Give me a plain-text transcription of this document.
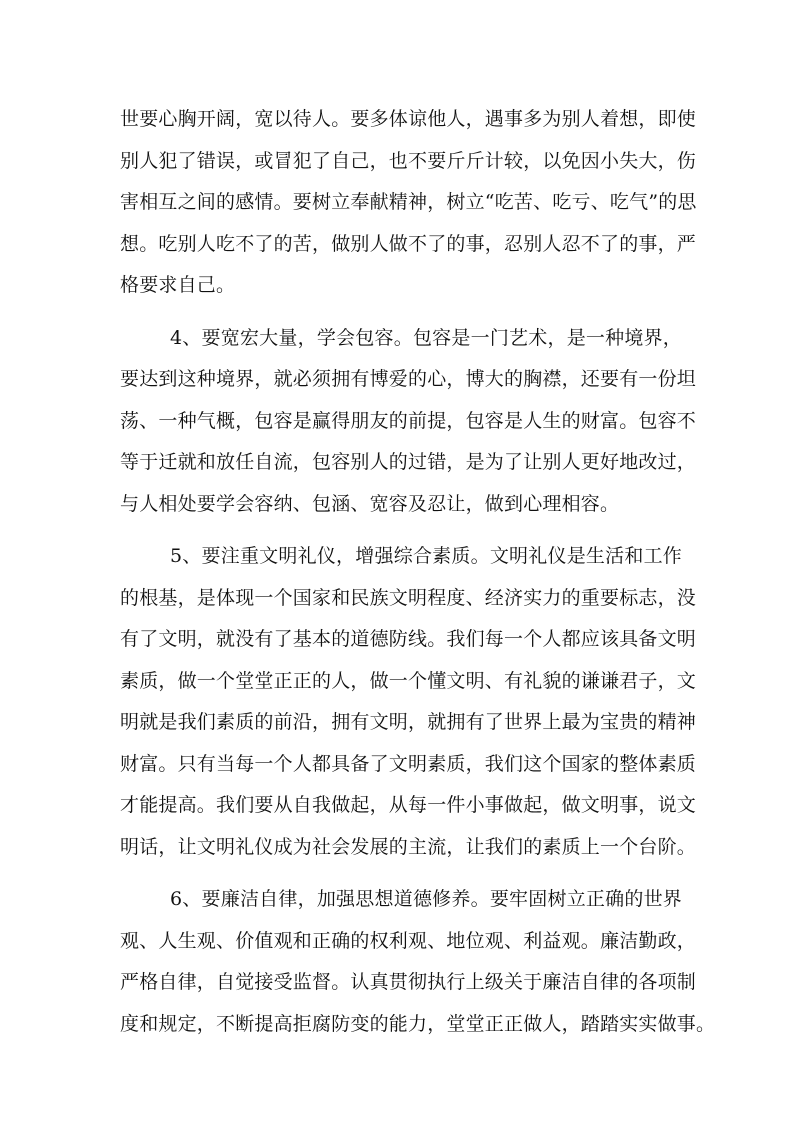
世要心胸开阔，宽以待人。要多体谅他人，遇事多为别人着想，即使
别人犯了错误，或冒犯了自己，也不要斤斤计较，以免因小失大，伤
害相互之间的感情。要树立奉献精神，树立“吃苦、吃亏、吃气”的思
想。吃别人吃不了的苦，做别人做不了的事，忍别人忍不了的事，严
格要求自己。
4、要宽宏大量，学会包容。包容是一门艺术，是一种境界，
要达到这种境界，就必须拥有博爱的心，博大的胸襟，还要有一份坦
荡、一种气概，包容是赢得朋友的前提，包容是人生的财富。包容不
等于迁就和放任自流，包容别人的过错，是为了让别人更好地改过，
与人相处要学会容纳、包涵、宽容及忍让，做到心理相容。
5、要注重文明礼仪，增强综合素质。文明礼仪是生活和工作
的根基，是体现一个国家和民族文明程度、经济实力的重要标志，没
有了文明，就没有了基本的道德防线。我们每一个人都应该具备文明
素质，做一个堂堂正正的人，做一个懂文明、有礼貌的谦谦君子，文
明就是我们素质的前沿，拥有文明，就拥有了世界上最为宝贵的精神
财富。只有当每一个人都具备了文明素质，我们这个国家的整体素质
才能提高。我们要从自我做起，从每一件小事做起，做文明事，说文
明话，让文明礼仪成为社会发展的主流，让我们的素质上一个台阶。
6、要廉洁自律，加强思想道德修养。要牢固树立正确的世界
观、人生观、价值观和正确的权利观、地位观、利益观。廉洁勤政，
严格自律，自觉接受监督。认真贯彻执行上级关于廉洁自律的各项制
度和规定，不断提高拒腐防变的能力，堂堂正正做人，踏踏实实做事。
